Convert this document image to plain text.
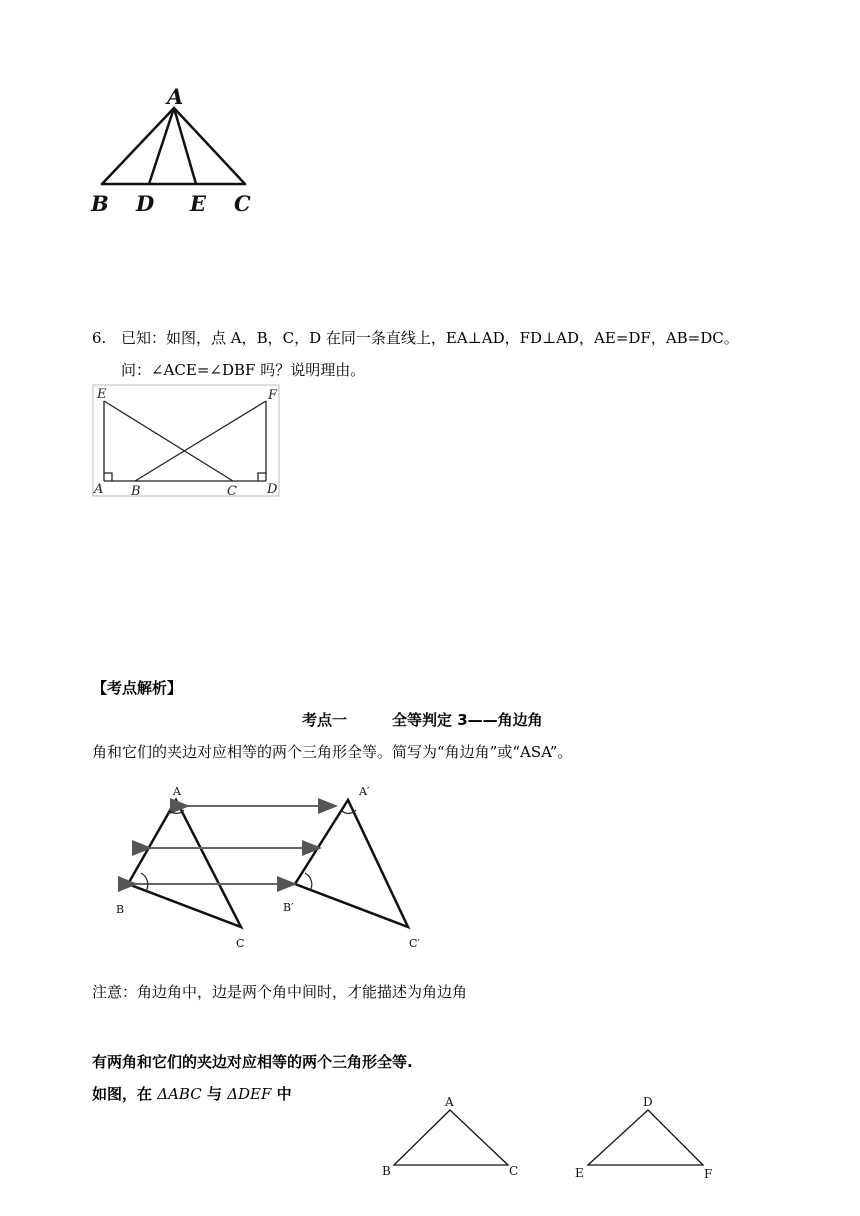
A
B D E C
6. 已知：如图，点 A，B，C，D 在同一条直线上，EA⊥AD，FD⊥AD，AE=DF，AB=DC。
问：∠ACE=∠DBF 吗？说明理由。
E	F
A B	C D
【考点解析】
考点一	全等判定 3——角边角
角和它们的夹边对应相等的两个三角形全等。简写为“角边角”或“ASA”。
A	A′
B	B′
C	C′
注意：角边角中，边是两个角中间时，才能描述为角边角
有两角和它们的夹边对应相等的两个三角形全等.
如图，在 ΔABC 与 ΔDEF 中	A
B	C
D
E	F
